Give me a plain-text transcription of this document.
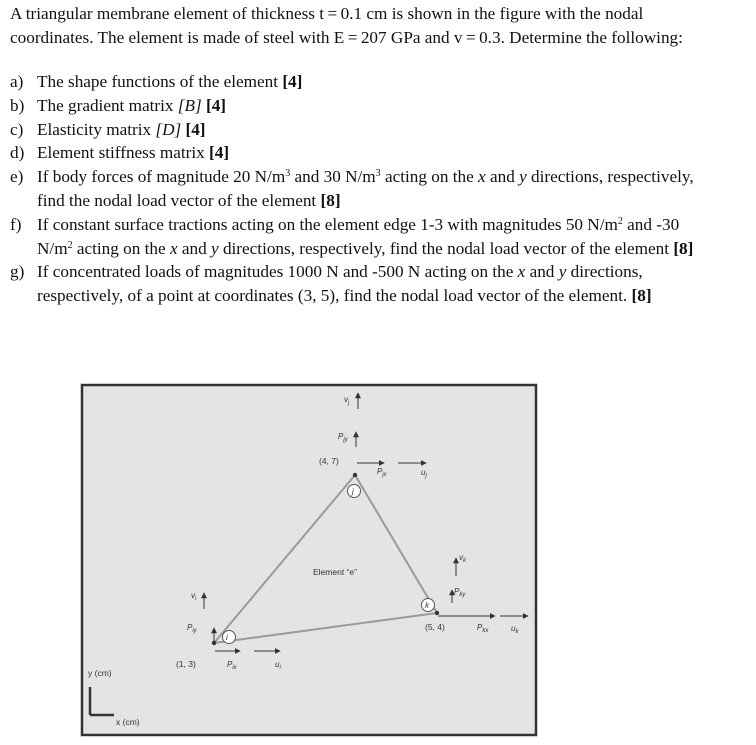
A triangular membrane element of thickness t = 0.1 cm is shown in the figure with the nodal

coordinates. The element is made of steel with E = 207 GPa and v = 0.3. Determine the following:

a) The shape functions of the element [4]
b) The gradient matrix [B] [4]
c) Elasticity matrix [D] [4]
d) Element stiffness matrix [4]
e) If body forces of magnitude 20 $N/m^3$ and 30 $N/m^3$ acting on the x and y directions, respectively,
find the nodal load vector of the element [8]
f) If constant surface tractions acting on the element edge 1-3 with magnitudes 50 $N/m^2$ and -30
$N/m^2$ acting on the x and y directions, respectively, find the nodal load vector of the element [8]
g) If concentrated loads of magnitudes 1000 N and -500 N acting on the x and y directions,
respectively, of a point at coordinates (3, 5), find the nodal load vector of the element. [8]
Element “e”
i
(1, 3)
$P_{iy}$
$v_i$
$P_{ix}$	$u_i$
j
(4, 7)
$P_{jy}$
$v_j$
$P_{jx}$	$u_j$
k
(5, 4)
$P_{ky}$
$v_k$
$P_{kx}$	$u_k$
y (cm)
x (cm)
